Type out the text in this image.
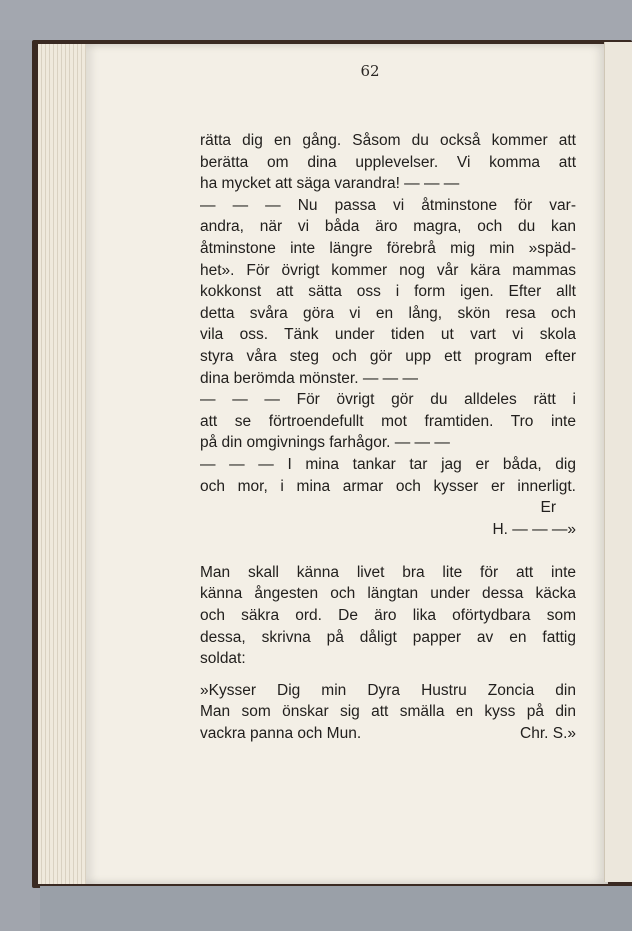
62
rätta dig en gång. Såsom du också kommer att
berätta om dina upplevelser. Vi komma att
ha mycket att säga varandra! — — —
— — — Nu passa vi åtminstone för var-
andra, när vi båda äro magra, och du kan
åtminstone inte längre förebrå mig min »späd-
het». För övrigt kommer nog vår kära mammas
kokkonst att sätta oss i form igen. Efter allt
detta svåra göra vi en lång, skön resa och
vila oss. Tänk under tiden ut vart vi skola
styra våra steg och gör upp ett program efter
dina berömda mönster. — — —
— — — För övrigt gör du alldeles rätt i
att se förtroendefullt mot framtiden. Tro inte
på din omgivnings farhågor. — — —
— — — I mina tankar tar jag er båda, dig
och mor, i mina armar och kysser er innerligt.
Er
H. — — —»
Man skall känna livet bra lite för att inte
känna ångesten och längtan under dessa käcka
och säkra ord. De äro lika oförtydbara som
dessa, skrivna på dåligt papper av en fattig
soldat:
»Kysser Dig min Dyra Hustru Zoncia din
Man som önskar sig att smälla en kyss på din
vackra panna och Mun.	Chr. S.»
